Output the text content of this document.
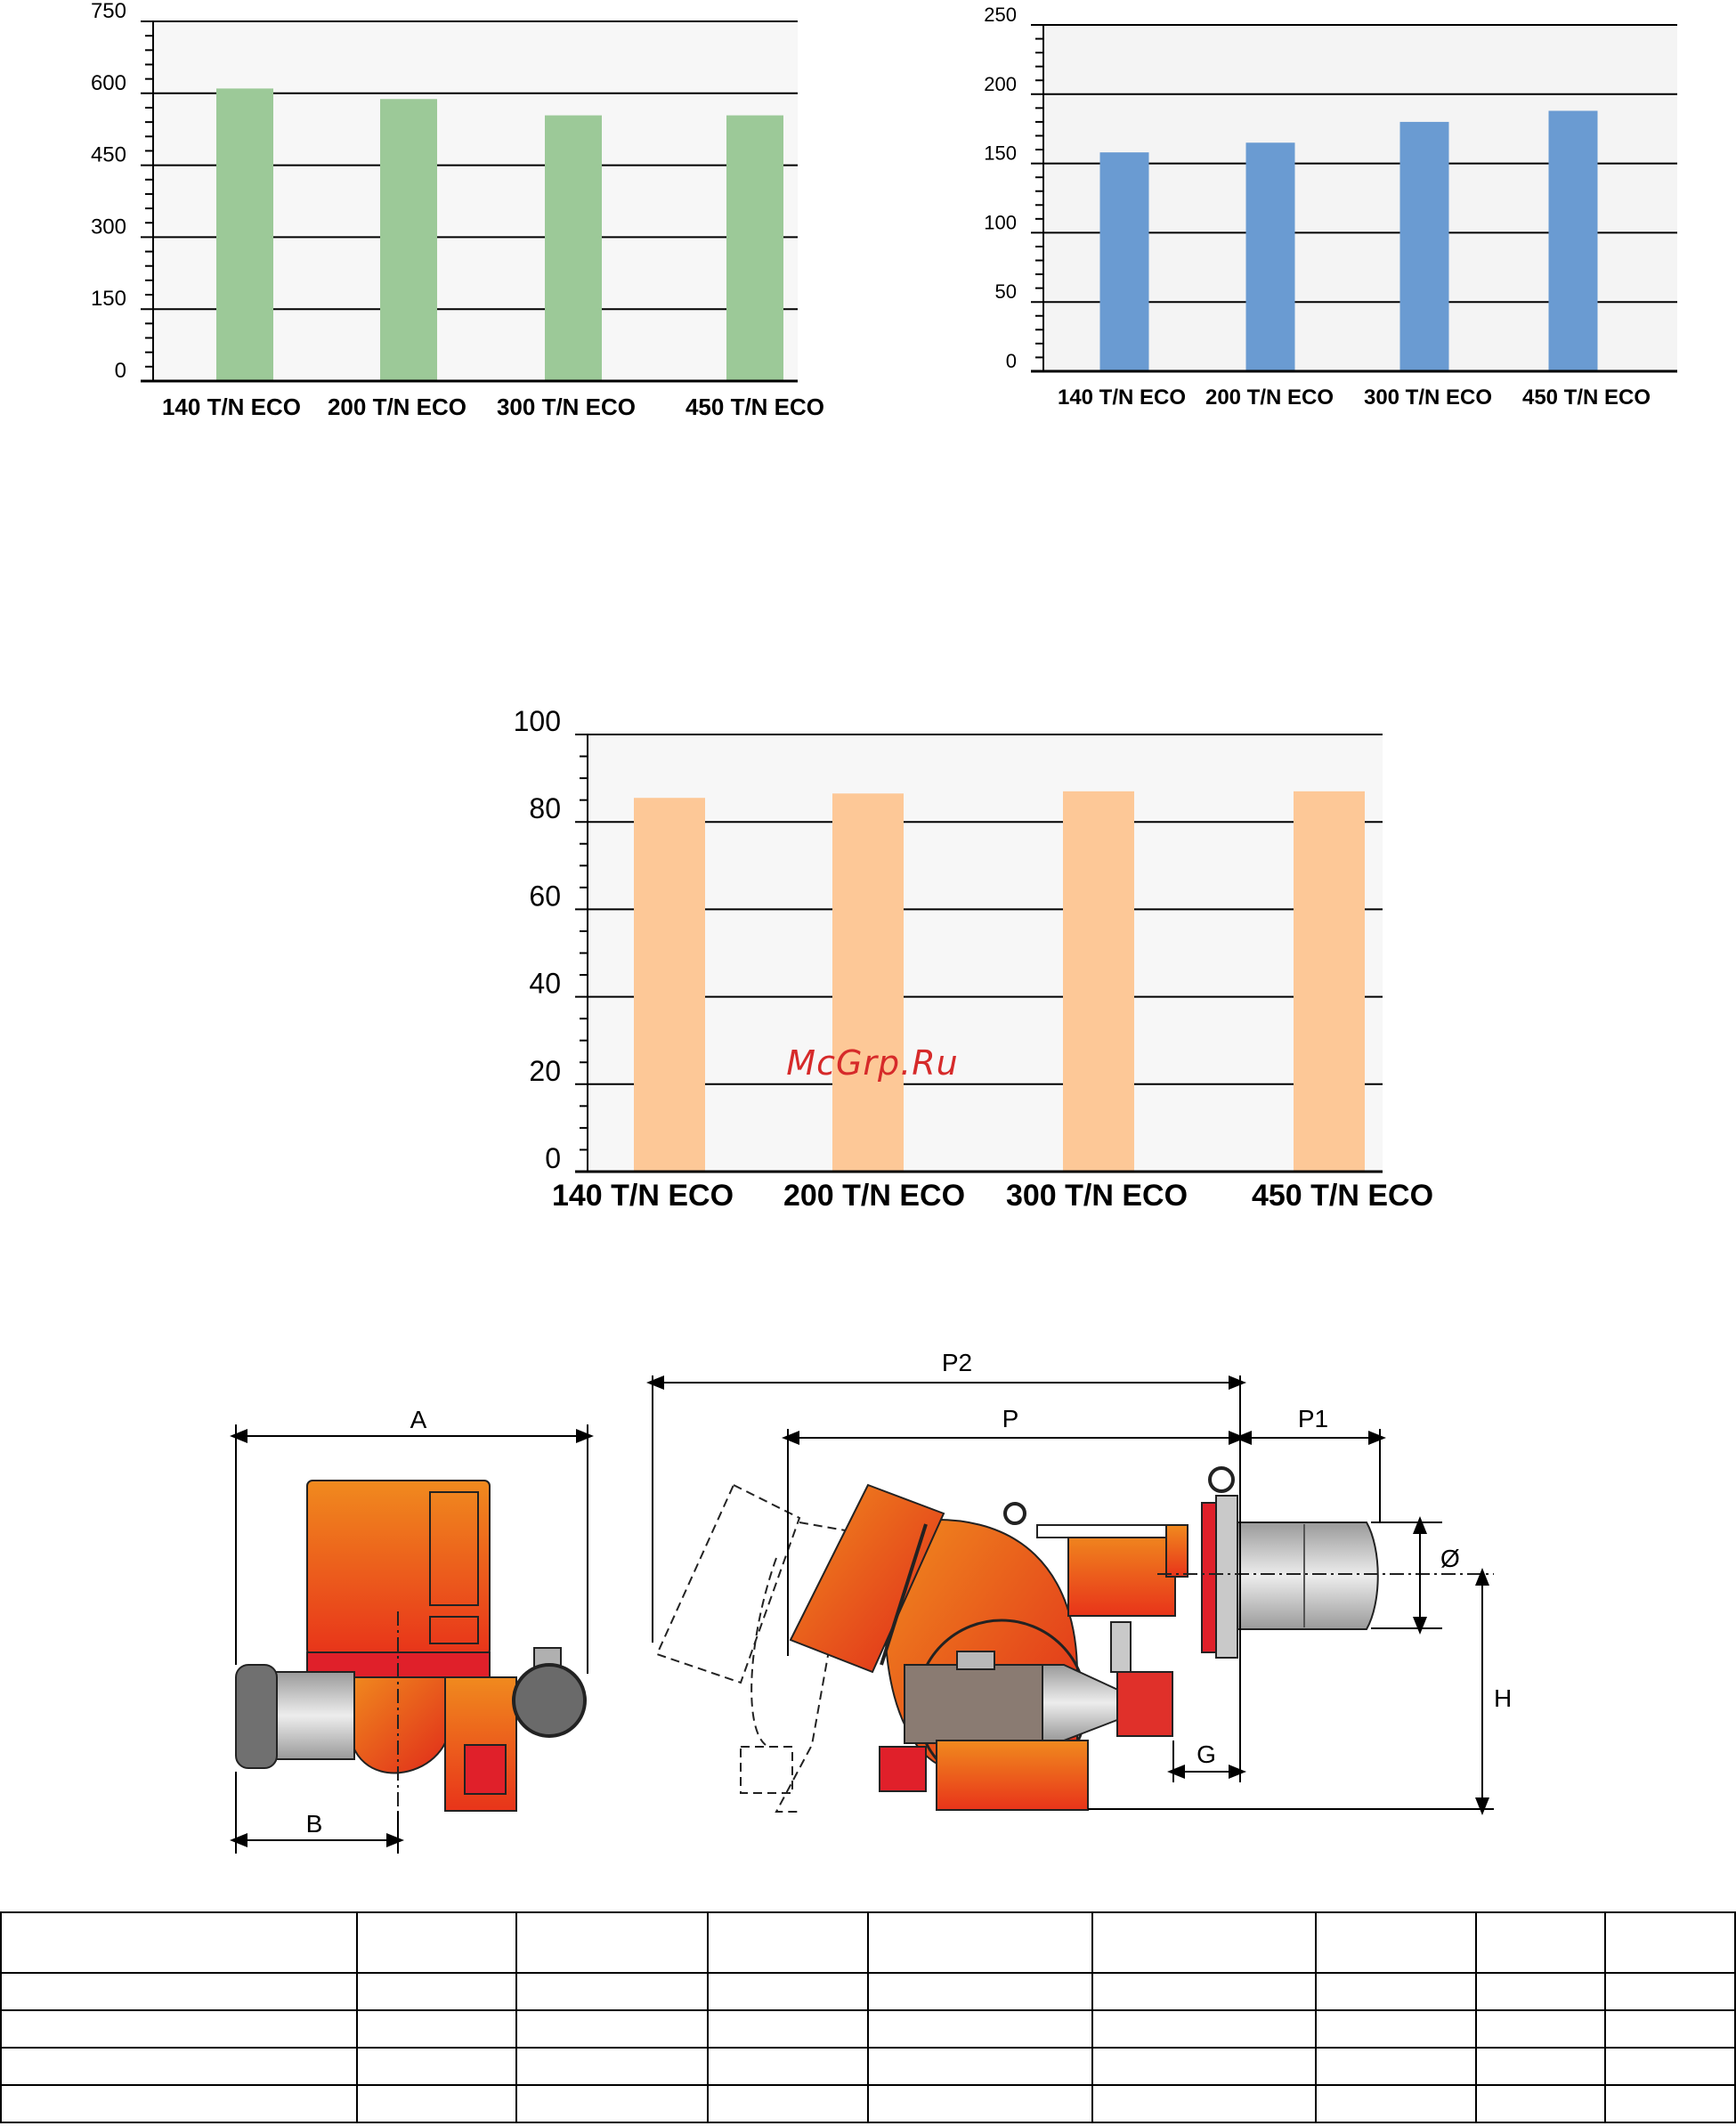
0
150
300
450
600
750
140 T/N ECO 200 T/N ECO 300 T/N ECO 450 T/N ECO
0
50
100
150
200
250
140 T/N ECO 200 T/N ECO 300 T/N ECO 450 T/N ECO
0
20
40
60
80
100
140 T/N ECO 200 T/N ECO 300 T/N ECO 450 T/N ECO
A
B
P2
P	P1
Ø
H
G
McGrp.Ru
